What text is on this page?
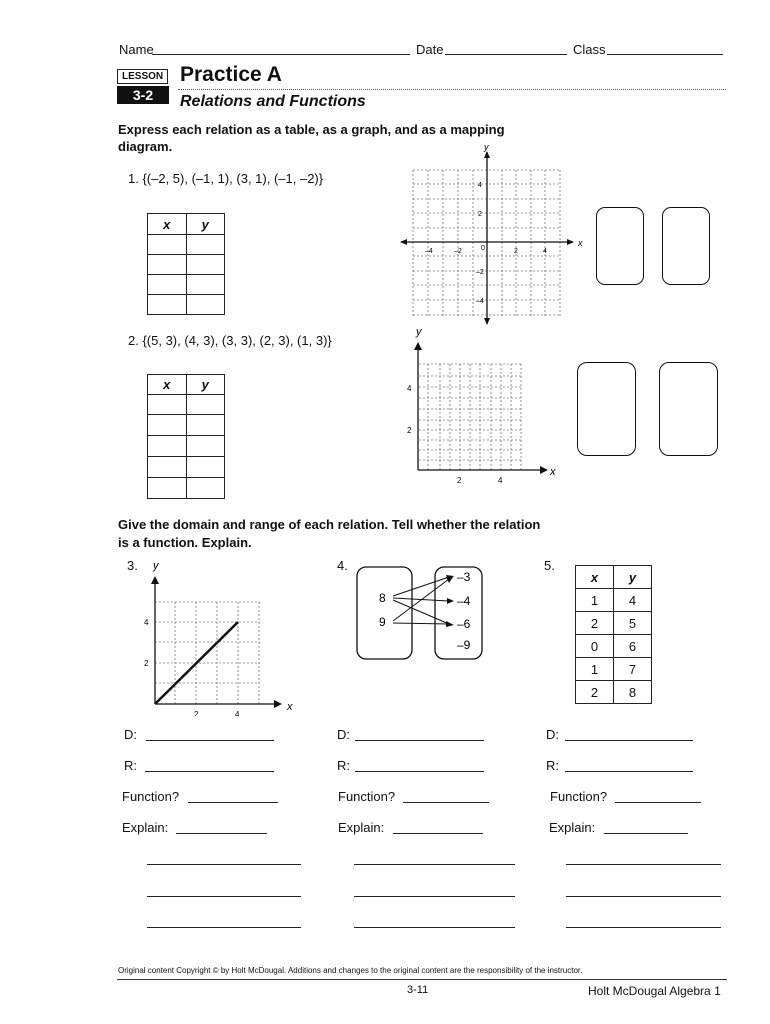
Name	Date	Class
LESSON
3-2
Practice A
Relations and Functions
Express each relation as a table, as a graph, and as a mapping
diagram.
1. {(–2, 5), (–1, 1), (3, 1), (–1, –2)}
x	y

x
y
–4	–2	0	2	4
4
2
–2
–4
2. {(5, 3), (4, 3), (3, 3), (2, 3), (1, 3)}
x	y

x
y
2	4
4
2
Give the domain and range of each relation. Tell whether the relation
is a function. Explain.
3.	4.	5.
x
y
2	4
4
2
8
9
–3
–4
–6
–9
x	y
1	4
2	5
0	6
1	7
2	8
D:
R:
Function?
Explain:
D:
R:
Function?
Explain:
D:
R:
Function?
Explain:
Original content Copyright © by Holt McDougal. Additions and changes to the original content are the responsibility of the instructor.
3-11	Holt McDougal Algebra 1
